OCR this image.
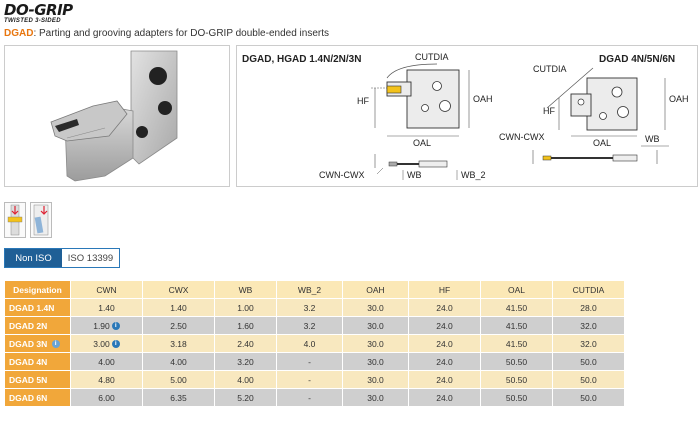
DO-GRIP
TWISTED 3-SIDED
DGAD: Parting and grooving adapters for DO-GRIP double-ended inserts
DGAD, HGAD 1.4N/2N/3N	CUTDIA
HF	OAH
OAL
CWN-CWX	WB	WB_2
DGAD 4N/5N/6N
CUTDIA
HF
OAH
OAL
CWN-CWX	WB
Non ISO	ISO 13399
Designation	CWN	CWX	WB	WB_2	OAH	HF	OAL	CUTDIA
DGAD 1.4N	1.40	1.40	1.00	3.2	30.0	24.0	41.50	28.0
DGAD 2N	1.90 i	2.50	1.60	3.2	30.0	24.0	41.50	32.0
DGAD 3N i	3.00 i	3.18	2.40	4.0	30.0	24.0	41.50	32.0
DGAD 4N	4.00	4.00	3.20	-	30.0	24.0	50.50	50.0
DGAD 5N	4.80	5.00	4.00	-	30.0	24.0	50.50	50.0
DGAD 6N	6.00	6.35	5.20	-	30.0	24.0	50.50	50.0
